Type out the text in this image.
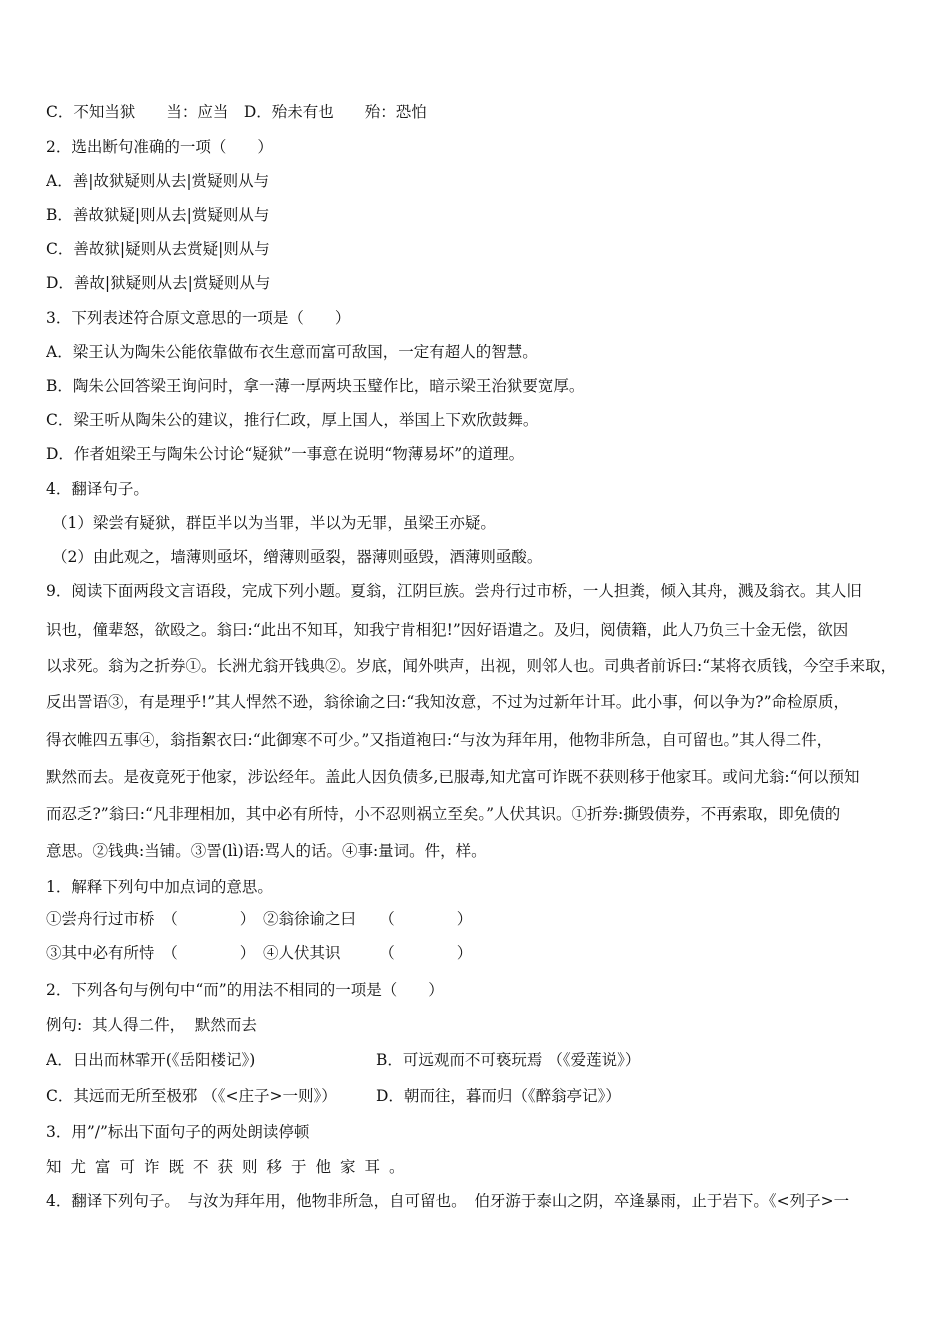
C．不知当狱　　当：应当　D．殆未有也　　殆：恐怕
2．选出断句准确的一项（　　）
A．善|故狱疑则从去|赏疑则从与
B．善故狱疑|则从去|赏疑则从与
C．善故狱|疑则从去赏疑|则从与
D．善故|狱疑则从去|赏疑则从与
3．下列表述符合原文意思的一项是（　　）
A．梁王认为陶朱公能依靠做布衣生意而富可敌国，一定有超人的智慧。
B．陶朱公回答梁王询问时，拿一薄一厚两块玉璧作比，暗示梁王治狱要宽厚。
C．梁王听从陶朱公的建议，推行仁政，厚上国人，举国上下欢欣鼓舞。
D．作者姐梁王与陶朱公讨论“疑狱”一事意在说明“物薄易坏”的道理。
4．翻译句子。
（1）梁尝有疑狱，群臣半以为当罪，半以为无罪，虽梁王亦疑。
（2）由此观之，墙薄则亟坏，缯薄则亟裂，器薄则亟毁，酒薄则亟酸。
9．阅读下面两段文言语段，完成下列小题。夏翁，江阴巨族。尝舟行过市桥，一人担粪，倾入其舟，溅及翁衣。其人旧
识也，僮辈怒，欲殴之。翁曰:“此出不知耳，知我宁肯相犯!”因好语遣之。及归，阅债籍，此人乃负三十金无偿，欲因
以求死。翁为之折券①。长洲尤翁开钱典②。岁底，闻外哄声，出视，则邻人也。司典者前诉曰:“某将衣质钱，今空手来取，
反出詈语③，有是理乎!”其人悍然不逊，翁徐谕之曰:“我知汝意，不过为过新年计耳。此小事，何以争为?”命检原质，
得衣帷四五事④，翁指絮衣曰:“此御寒不可少。”又指道袍曰:“与汝为拜年用，他物非所急，自可留也。”其人得二件，
默然而去。是夜竟死于他家，涉讼经年。盖此人因负债多,已服毒,知尤富可诈既不获则移于他家耳。或问尤翁:“何以预知
而忍乏?”翁曰:“凡非理相加，其中必有所恃，小不忍则祸立至矣。”人伏其识。①折券:撕毁债券，不再索取，即免债的
意思。②钱典:当铺。③詈(lì)语:骂人的话。④事:量词。件，样。
1．解释下列句中加点词的意思。
①尝舟行过市桥　（　　　　）　②翁徐谕之曰　　（　　　　）
③其中必有所恃　（　　　　）　④人伏其识　　　（　　　　）
2．下列各句与例句中“而”的用法不相同的一项是（　　）
例句:  其人得二件，  默然而去
A．日出而林霏开(《岳阳楼记》)	B．可远观而不可亵玩焉 （《爱莲说》）
C．其远而无所至极邪 （《<庄子>一则》）	D．朝而往，暮而归（《醉翁亭记》）
3．用”/”标出下面句子的两处朗读停顿
知尤富可诈既不获则移于他家耳。
4．翻译下列句子。　与汝为拜年用，他物非所急，自可留也。　伯牙游于泰山之阴，卒逢暴雨，止于岩下。《<列子>一
